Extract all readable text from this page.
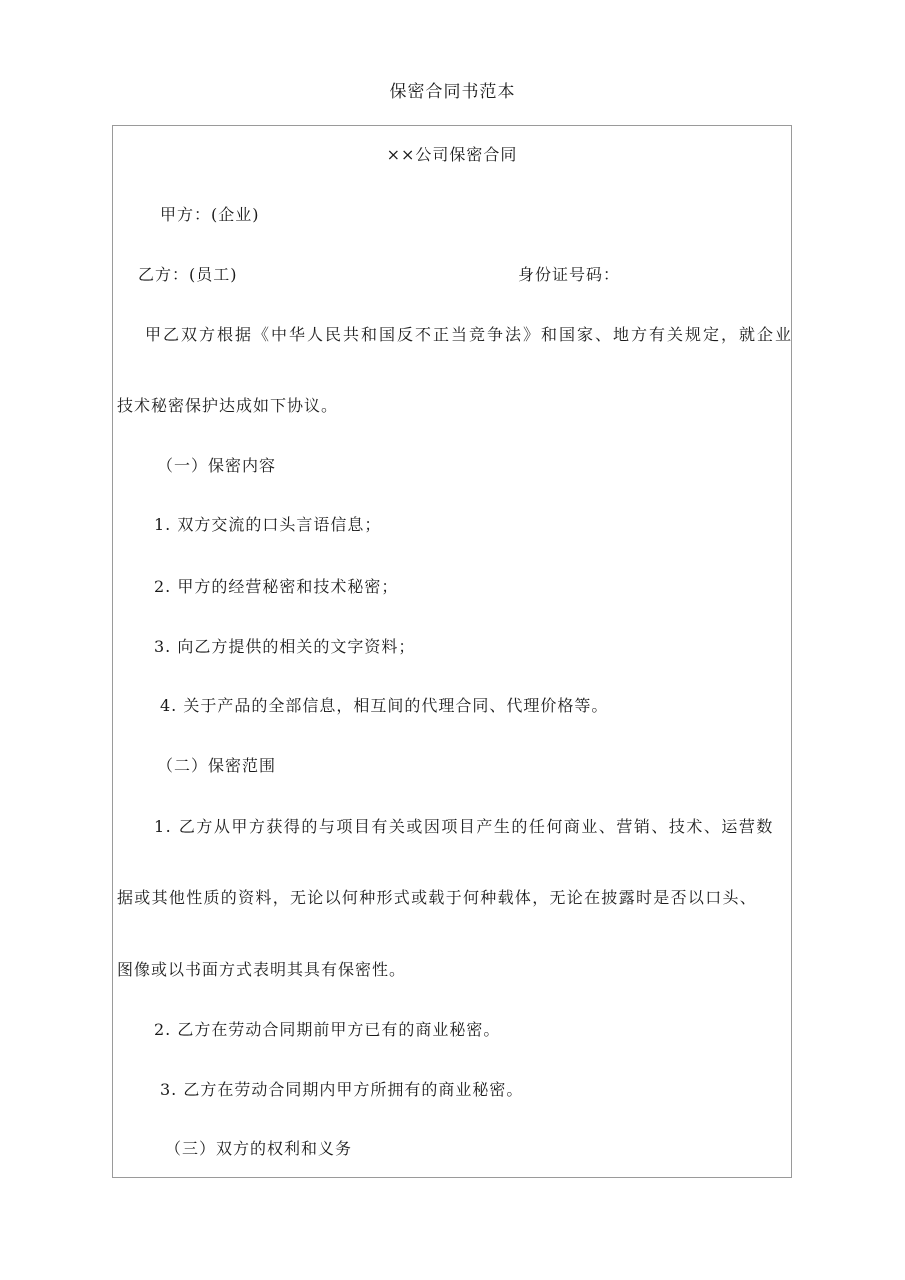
保密合同书范本
××公司保密合同
甲方：(企业)
乙方：(员工)	身份证号码：
甲乙双方根据《中华人民共和国反不正当竞争法》和国家、地方有关规定，就企业
技术秘密保护达成如下协议。
（一）保密内容
1. 双方交流的口头言语信息；
2. 甲方的经营秘密和技术秘密；
3. 向乙方提供的相关的文字资料；
4. 关于产品的全部信息，相互间的代理合同、代理价格等。
（二）保密范围
1. 乙方从甲方获得的与项目有关或因项目产生的任何商业、营销、技术、运营数
据或其他性质的资料，无论以何种形式或载于何种载体，无论在披露时是否以口头、
图像或以书面方式表明其具有保密性。
2. 乙方在劳动合同期前甲方已有的商业秘密。
3. 乙方在劳动合同期内甲方所拥有的商业秘密。
（三）双方的权利和义务
